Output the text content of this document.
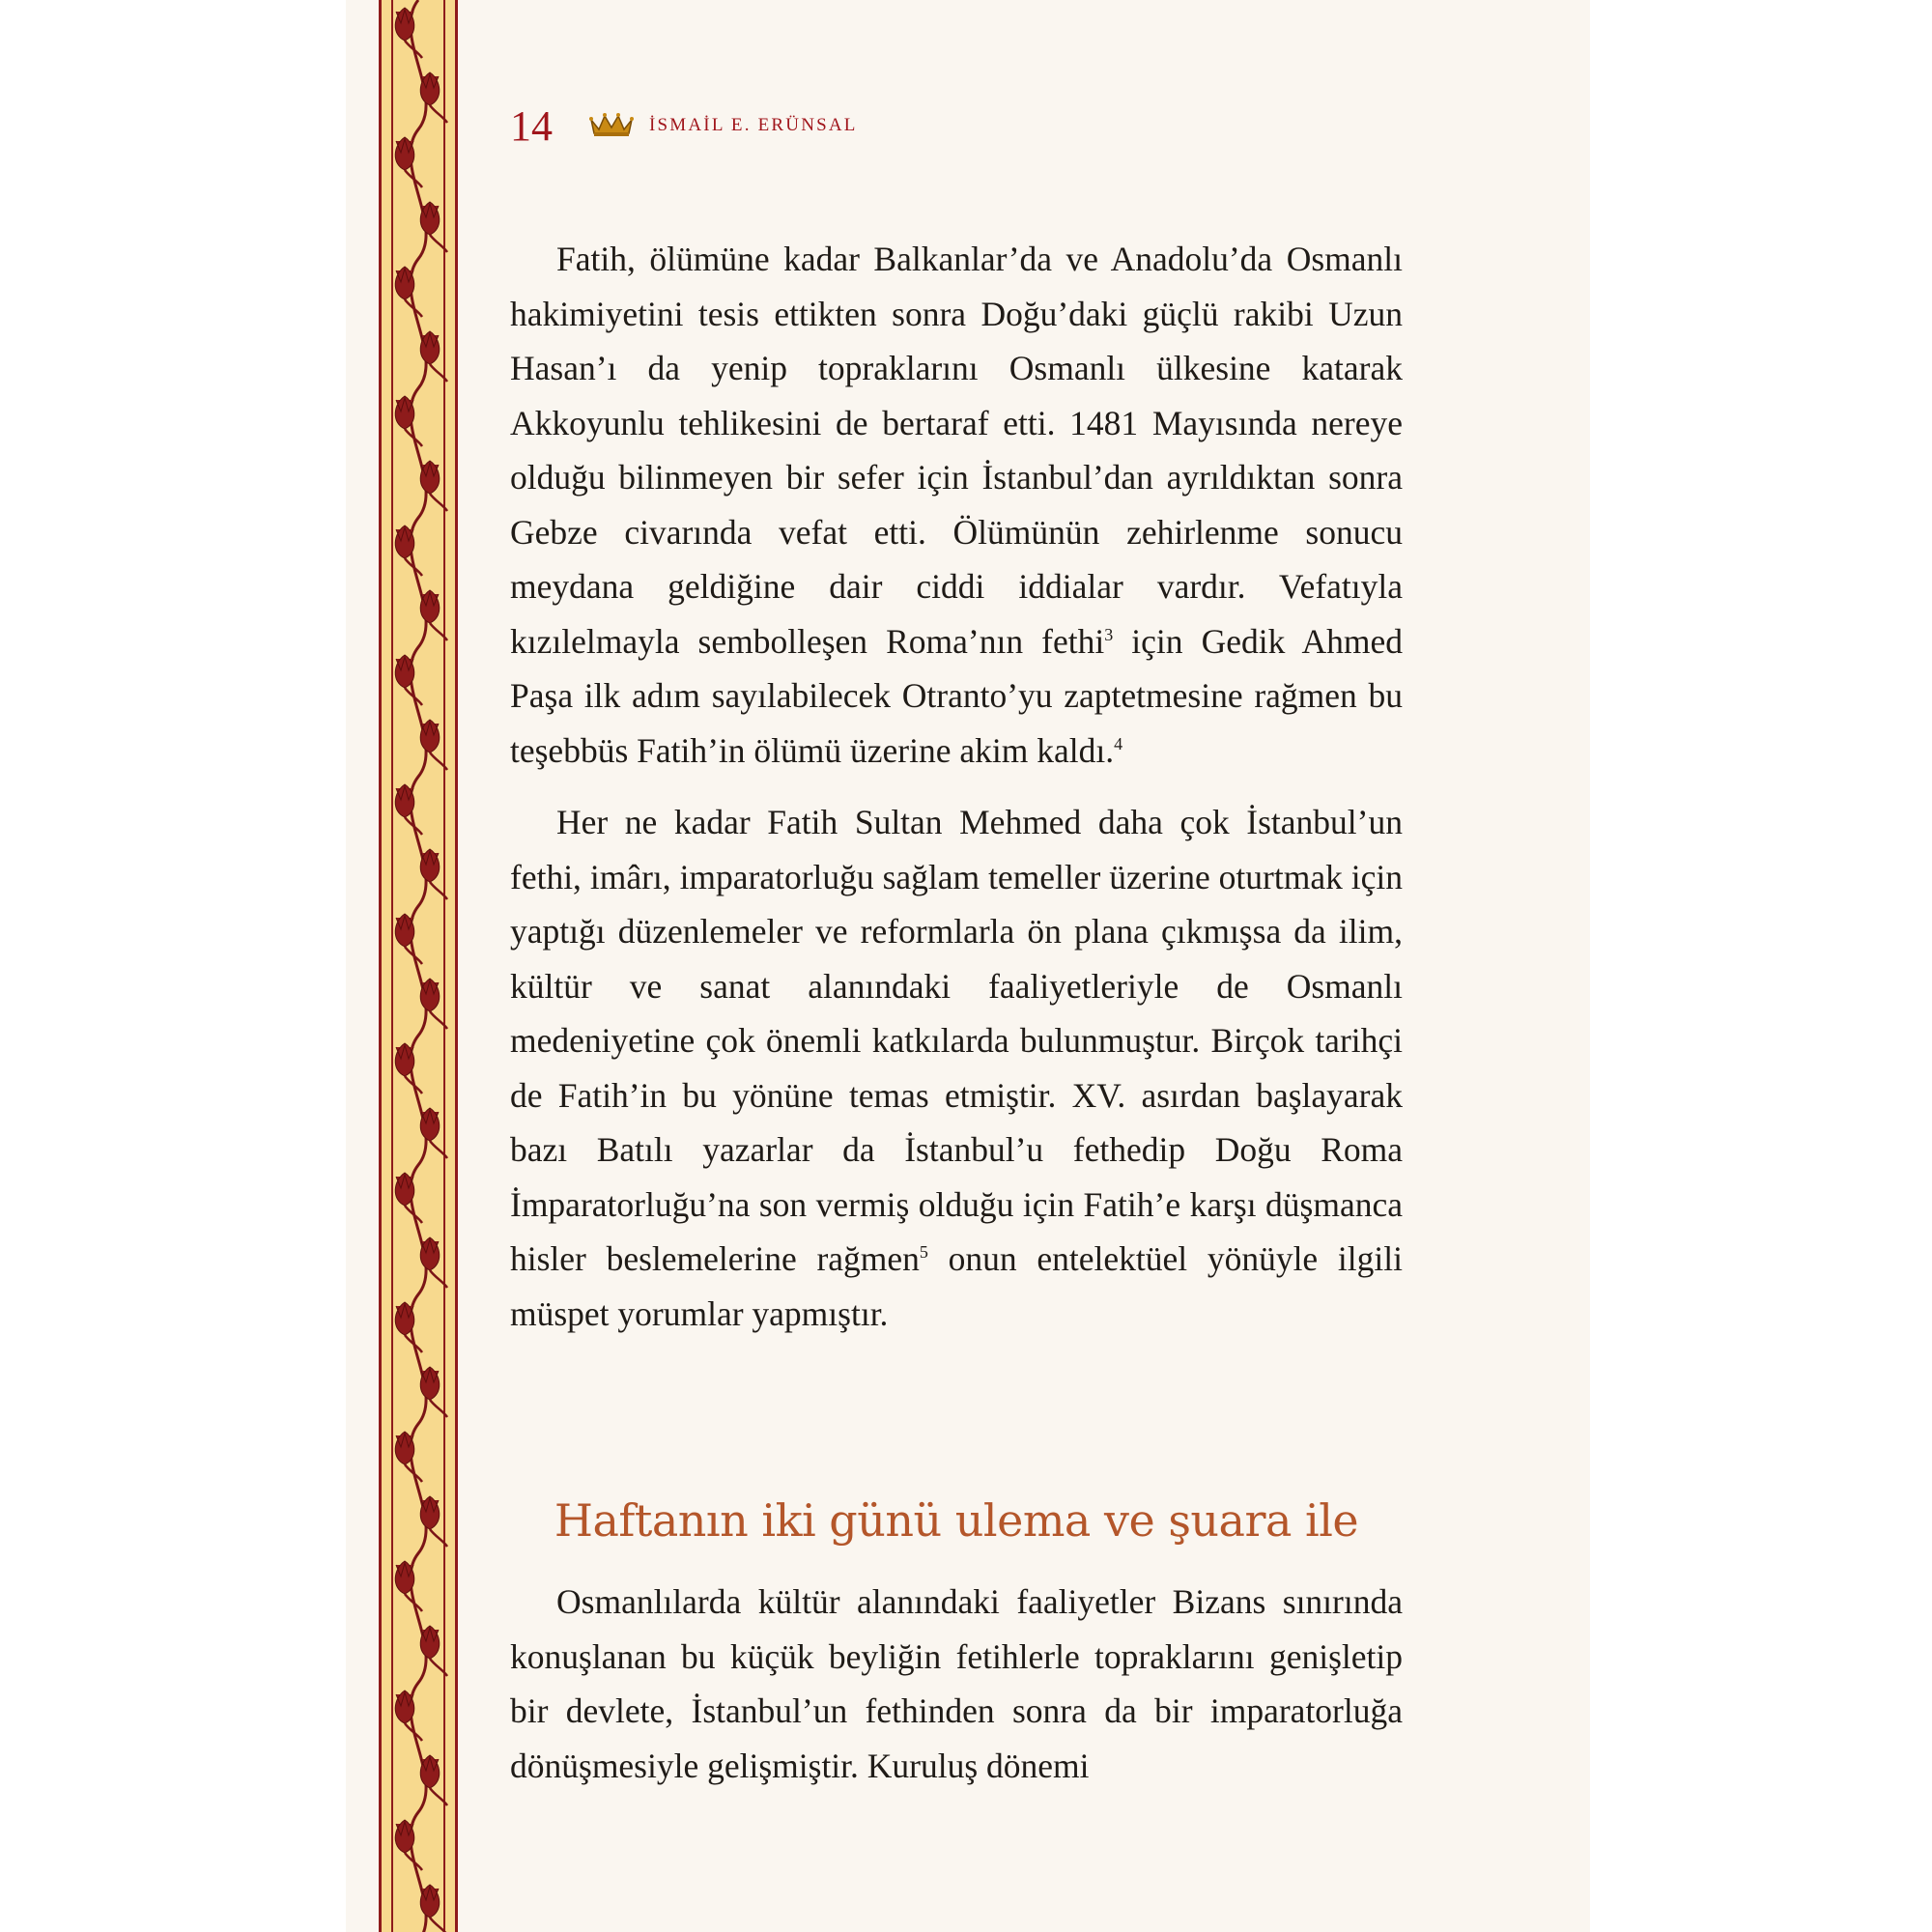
14	İSMAİL E. ERÜNSAL

Fatih, ölümüne kadar Balkanlar’da ve Anadolu’da Osmanlı hakimiyetini tesis ettikten sonra Doğu’daki güçlü rakibi Uzun Hasan’ı da yenip topraklarını Osmanlı ülkesine katarak Akkoyunlu tehlikesini de bertaraf etti. 1481 Mayısında nereye olduğu bilinmeyen bir sefer için İstanbul’dan ayrıldıktan sonra Gebze civarında vefat etti. Ölümünün zehirlenme sonucu meydana geldiğine dair ciddi iddialar vardır. Vefatıyla kızılelmayla sembolleşen Roma’nın fethi$^3$ için Gedik Ahmed Paşa ilk adım sayılabilecek Otranto’yu zaptetmesine rağmen bu teşebbüs Fatih’in ölümü üzerine akim kaldı.$^4$

Her ne kadar Fatih Sultan Mehmed daha çok İstanbul’un fethi, imârı, imparatorluğu sağlam temeller üzerine oturtmak için yaptığı düzenlemeler ve reformlarla ön plana çıkmışsa da ilim, kültür ve sanat alanındaki faaliyetleriyle de Osmanlı medeniyetine çok önemli katkılarda bulunmuştur. Birçok tarihçi de Fatih’in bu yönüne temas etmiştir. XV. asırdan başlayarak bazı Batılı yazarlar da İstanbul’u fethedip Doğu Roma İmparatorluğu’na son vermiş olduğu için Fatih’e karşı düşmanca hisler beslemelerine rağmen$^5$ onun entelektüel yönüyle ilgili müspet yorumlar yapmıştır.

Haftanın iki günü ulema ve şuara ile

Osmanlılarda kültür alanındaki faaliyetler Bizans sınırında konuşlanan bu küçük beyliğin fetihlerle topraklarını genişletip bir devlete, İstanbul’un fethinden sonra da bir imparatorluğa dönüşmesiyle gelişmiştir. Kuruluş dönemi
